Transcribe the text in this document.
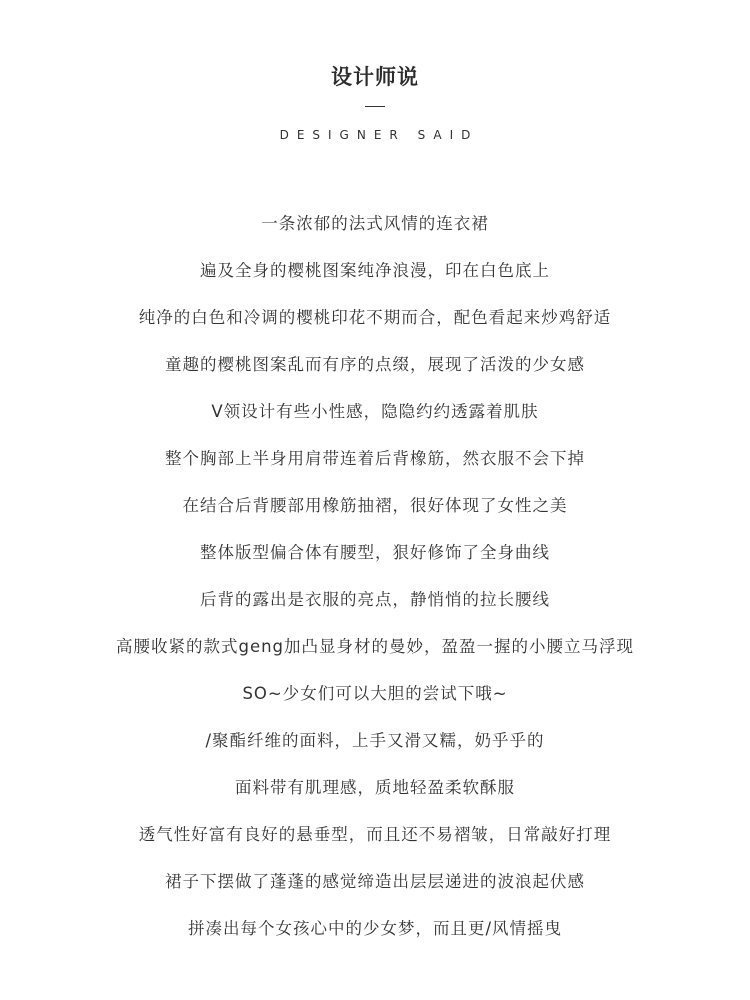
设计师说
DESIGNER SAID
一条浓郁的法式风情的连衣裙
遍及全身的樱桃图案纯净浪漫，印在白色底上
纯净的白色和冷调的樱桃印花不期而合，配色看起来炒鸡舒适
童趣的樱桃图案乱而有序的点缀，展现了活泼的少女感
V领设计有些小性感，隐隐约约透露着肌肤
整个胸部上半身用肩带连着后背橡筋，然衣服不会下掉
在结合后背腰部用橡筋抽褶，很好体现了女性之美
整体版型偏合体有腰型，狠好修饰了全身曲线
后背的露出是衣服的亮点，静悄悄的拉长腰线
高腰收紧的款式geng加凸显身材的曼妙，盈盈一握的小腰立马浮现
SO~少女们可以大胆的尝试下哦~
/聚酯纤维的面料，上手又滑又糯，奶乎乎的
面料带有肌理感，质地轻盈柔软酥服
透气性好富有良好的悬垂型，而且还不易褶皱，日常敲好打理
裙子下摆做了蓬蓬的感觉缔造出层层递进的波浪起伏感
拼凑出每个女孩心中的少女梦，而且更/风情摇曳
